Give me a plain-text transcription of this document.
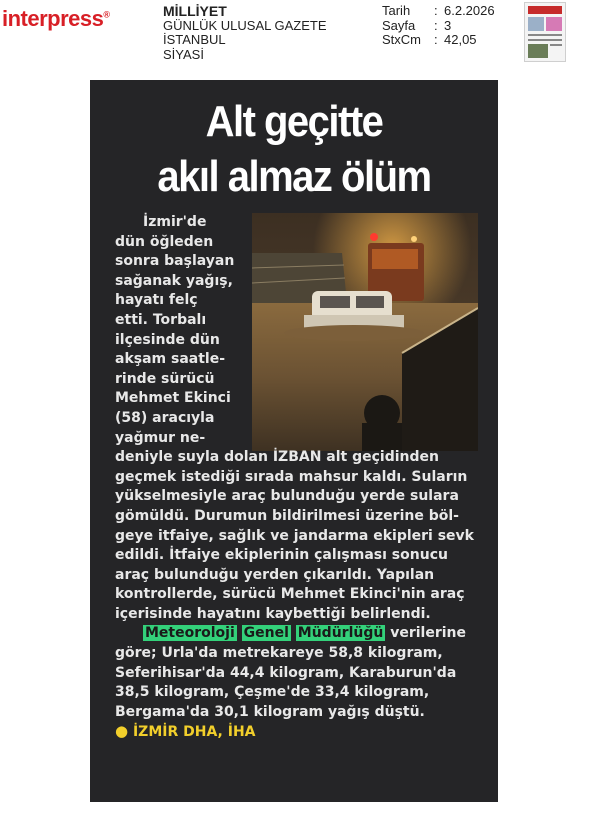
interpress®	MİLLİYET
GÜNLÜK ULUSAL GAZETE
İSTANBUL
SİYASİ
Tarih	: 6.2.2026
Sayfa	: 3
StxCm	: 42,05
Alt geçitte
akıl almaz ölüm

İzmir'de
dün öğleden
sonra başlayan
sağanak yağış,
hayatı felç
etti. Torbalı
ilçesinde dün
akşam saatle-
rinde sürücü
Mehmet Ekinci
(58) aracıyla
yağmur ne-
deniyle suyla dolan İZBAN alt geçidinden
geçmek istediği sırada mahsur kaldı. Suların
yükselmesiyle araç bulunduğu yerde sulara
gömüldü. Durumun bildirilmesi üzerine böl-
geye itfaiye, sağlık ve jandarma ekipleri sevk
edildi. İtfaiye ekiplerinin çalışması sonucu
araç bulunduğu yerden çıkarıldı. Yapılan
kontrollerde, sürücü Mehmet Ekinci'nin araç
içerisinde hayatını kaybettiği belirlendi.

Meteoroloji Genel Müdürlüğü verilerine
göre; Urla'da metrekareye 58,8 kilogram,
Seferihisar'da 44,4 kilogram, Karaburun'da
38,5 kilogram, Çeşme'de 33,4 kilogram,
Bergama'da 30,1 kilogram yağış düştü.

● İZMİR DHA, İHA
